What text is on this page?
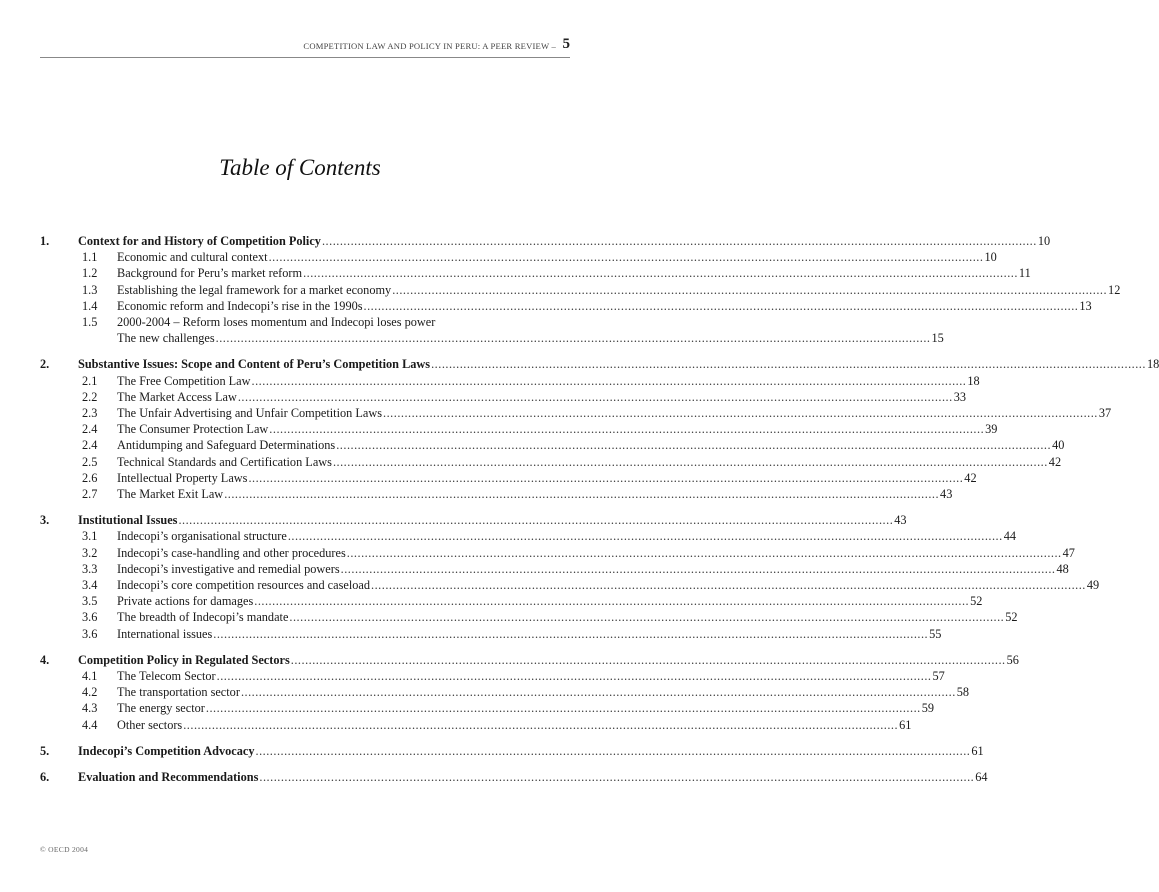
COMPETITION LAW AND POLICY IN PERU: A PEER REVIEW – 5
Table of Contents
1. Context for and History of Competition Policy ........................................................................................................................................................................................................ 10
1.1 Economic and cultural context ........................................................................................................................................................................................................ 10
1.2 Background for Peru’s market reform ........................................................................................................................................................................................................ 11
1.3 Establishing the legal framework for a market economy ........................................................................................................................................................................................................ 12
1.4 Economic reform and Indecopi’s rise in the 1990s ........................................................................................................................................................................................................ 13
1.5 2000-2004 – Reform loses momentum and Indecopi loses power
The new challenges ........................................................................................................................................................................................................ 15
2. Substantive Issues: Scope and Content of Peru’s Competition Laws ........................................................................................................................................................................................................ 18
2.1 The Free Competition Law ........................................................................................................................................................................................................ 18
2.2 The Market Access Law ........................................................................................................................................................................................................ 33
2.3 The Unfair Advertising and Unfair Competition Laws ........................................................................................................................................................................................................ 37
2.4 The Consumer Protection Law ........................................................................................................................................................................................................ 39
2.4 Antidumping and Safeguard Determinations ........................................................................................................................................................................................................ 40
2.5 Technical Standards and Certification Laws ........................................................................................................................................................................................................ 42
2.6 Intellectual Property Laws ........................................................................................................................................................................................................ 42
2.7 The Market Exit Law ........................................................................................................................................................................................................ 43
3. Institutional Issues ........................................................................................................................................................................................................ 43
3.1 Indecopi’s organisational structure ........................................................................................................................................................................................................ 44
3.2 Indecopi’s case-handling and other procedures ........................................................................................................................................................................................................ 47
3.3 Indecopi’s investigative and remedial powers ........................................................................................................................................................................................................ 48
3.4 Indecopi’s core competition resources and caseload ........................................................................................................................................................................................................ 49
3.5 Private actions for damages ........................................................................................................................................................................................................ 52
3.6 The breadth of Indecopi’s mandate ........................................................................................................................................................................................................ 52
3.6 International issues ........................................................................................................................................................................................................ 55
4. Competition Policy in Regulated Sectors ........................................................................................................................................................................................................ 56
4.1 The Telecom Sector ........................................................................................................................................................................................................ 57
4.2 The transportation sector ........................................................................................................................................................................................................ 58
4.3 The energy sector ........................................................................................................................................................................................................ 59
4.4 Other sectors ........................................................................................................................................................................................................ 61
5. Indecopi’s Competition Advocacy ........................................................................................................................................................................................................ 61
6. Evaluation and Recommendations ........................................................................................................................................................................................................ 64
© OECD 2004
